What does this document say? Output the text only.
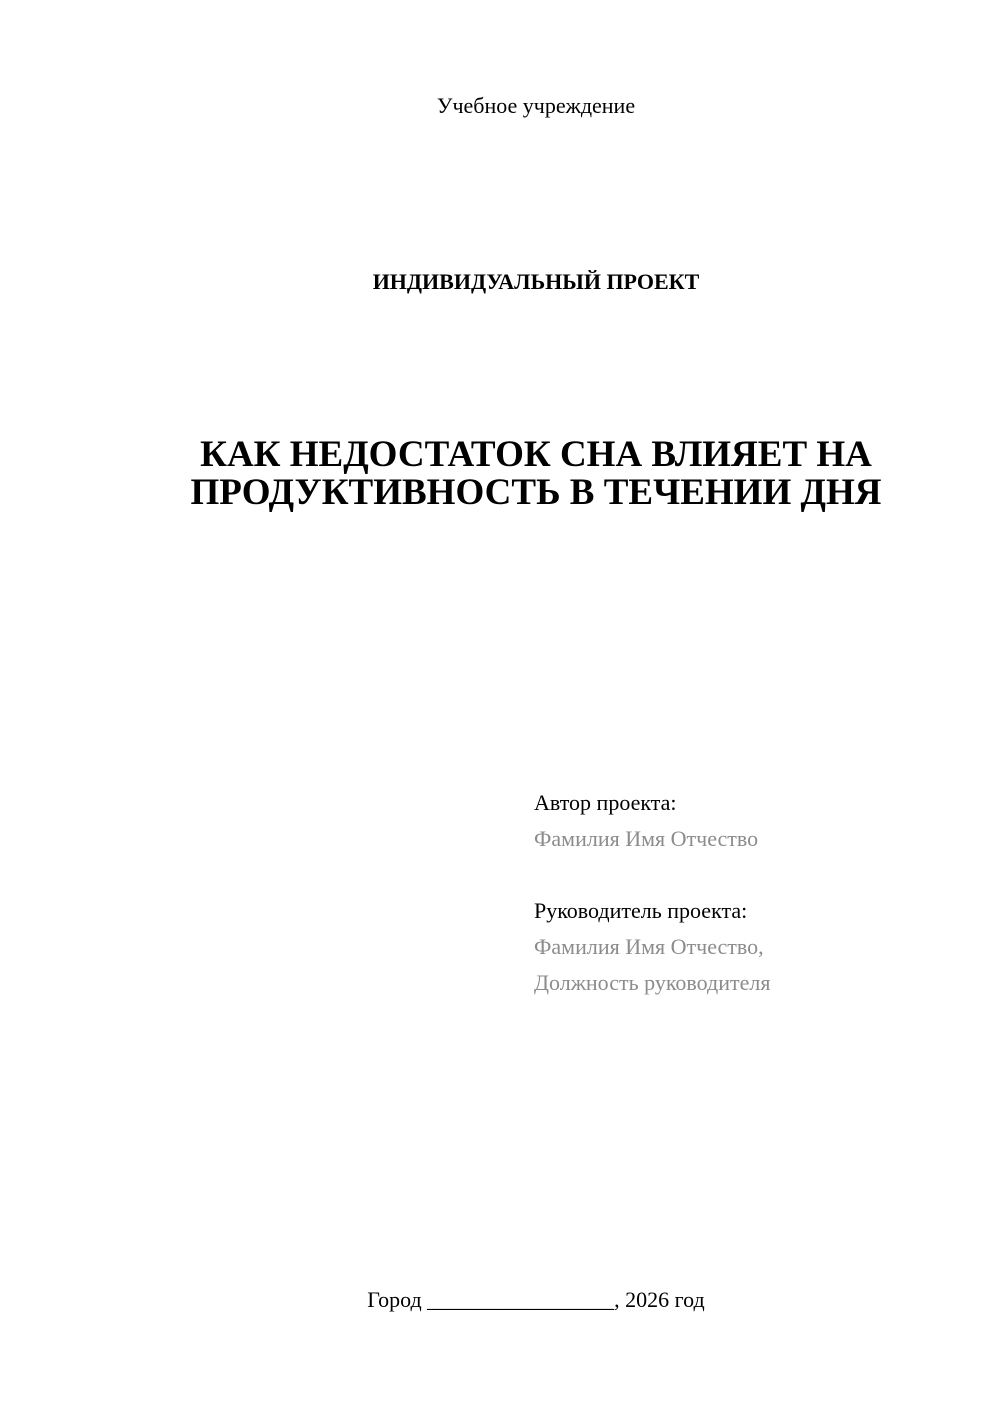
Учебное учреждение
ИНДИВИДУАЛЬНЫЙ ПРОЕКТ
КАК НЕДОСТАТОК СНА ВЛИЯЕТ НА
ПРОДУКТИВНОСТЬ В ТЕЧЕНИИ ДНЯ
Автор проекта:
Фамилия Имя Отчество
Руководитель проекта:
Фамилия Имя Отчество,
Должность руководителя
Город _________________, 2026 год
